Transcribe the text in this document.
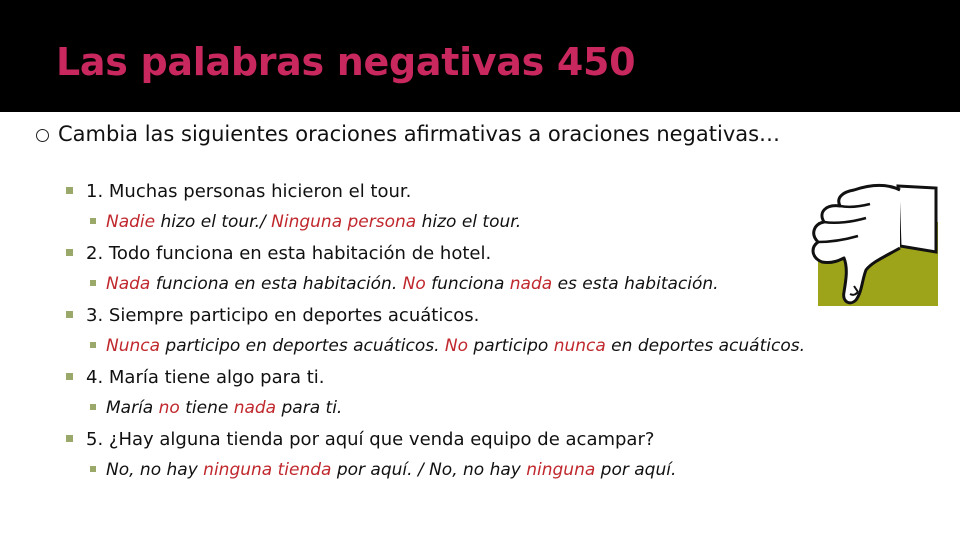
Las palabras negativas 450
Cambia las siguientes oraciones afirmativas a oraciones negativas…
1. Muchas personas hicieron el tour.
Nadie hizo el tour./ Ninguna persona hizo el tour.
2. Todo funciona en esta habitación de hotel.
Nada funciona en esta habitación. No funciona nada es esta habitación.
3. Siempre participo en deportes acuáticos.
Nunca participo en deportes acuáticos. No participo nunca en deportes acuáticos.
4. María tiene algo para ti.
María no tiene nada para ti.
5. ¿Hay alguna tienda por aquí que venda equipo de acampar?
No, no hay ninguna tienda por aquí. / No, no hay ninguna por aquí.
